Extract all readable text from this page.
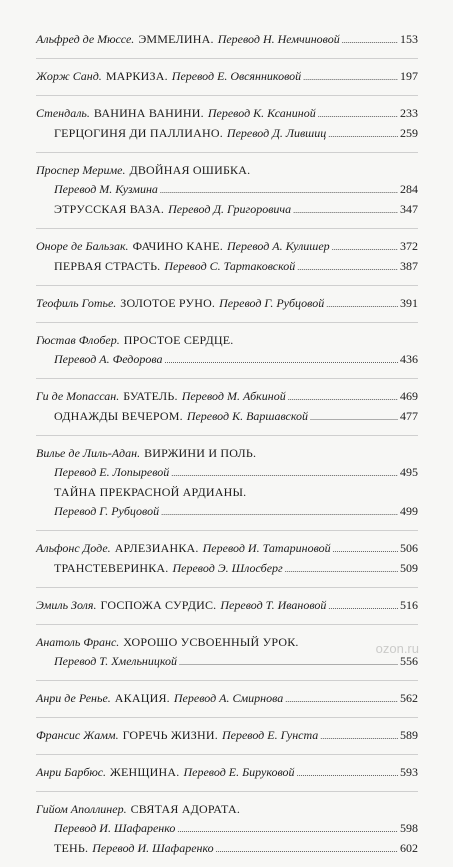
Альфред де Мюссе. ЭММЕЛИНА. Перевод Н. Немчиновой . . .	153
Жорж Санд. МАРКИЗА. Перевод Е. Овсянниковой . . .	197
Стендаль. ВАНИНА ВАНИНИ. Перевод К. Ксаниной . . .	233
ГЕРЦОГИНЯ ДИ ПАЛЛИАНО. Перевод Д. Лившиц . . .	259
Проспер Мериме. ДВОЙНАЯ ОШИБКА.
Перевод М. Кузмина . . .	284
ЭТРУССКАЯ ВАЗА. Перевод Д. Григоровича . . .	347
Оноре де Бальзак. ФАЧИНО КАНЕ. Перевод А. Кулишер . . .	372
ПЕРВАЯ СТРАСТЬ. Перевод С. Тартаковской . . .	387
Теофиль Готье. ЗОЛОТОЕ РУНО. Перевод Г. Рубцовой . . .	391
Гюстав Флобер. ПРОСТОЕ СЕРДЦЕ.
Перевод А. Федорова . . .	436
Ги де Мопассан. БУАТЕЛЬ. Перевод М. Абкиной . . .	469
ОДНАЖДЫ ВЕЧЕРОМ. Перевод К. Варшавской . . .	477
Вилье де Лиль-Адан. ВИРЖИНИ И ПОЛЬ.
Перевод Е. Лопыревой . . .	495
ТАЙНА ПРЕКРАСНОЙ АРДИАНЫ.
Перевод Г. Рубцовой . . .	499
Альфонс Доде. АРЛЕЗИАНКА. Перевод И. Татариновой . . .	506
ТРАНСТЕВЕРИНКА. Перевод Э. Шлосберг . . .	509
Эмиль Золя. ГОСПОЖА СУРДИС. Перевод Т. Ивановой . . .	516
Анатоль Франс. ХОРОШО УСВОЕННЫЙ УРОК.
Перевод Т. Хмельницкой . . .	556
Анри де Ренье. АКАЦИЯ. Перевод А. Смирнова . . .	562
Франсис Жамм. ГОРЕЧЬ ЖИЗНИ. Перевод Е. Гунста . . .	589
Анри Барбюс. ЖЕНЩИНА. Перевод Е. Бируковой . . .	593
Гийом Аполлинер. СВЯТАЯ АДОРАТА.
Перевод И. Шафаренко . . .	598
ТЕНЬ. Перевод И. Шафаренко . . .	602
ozon.ru
